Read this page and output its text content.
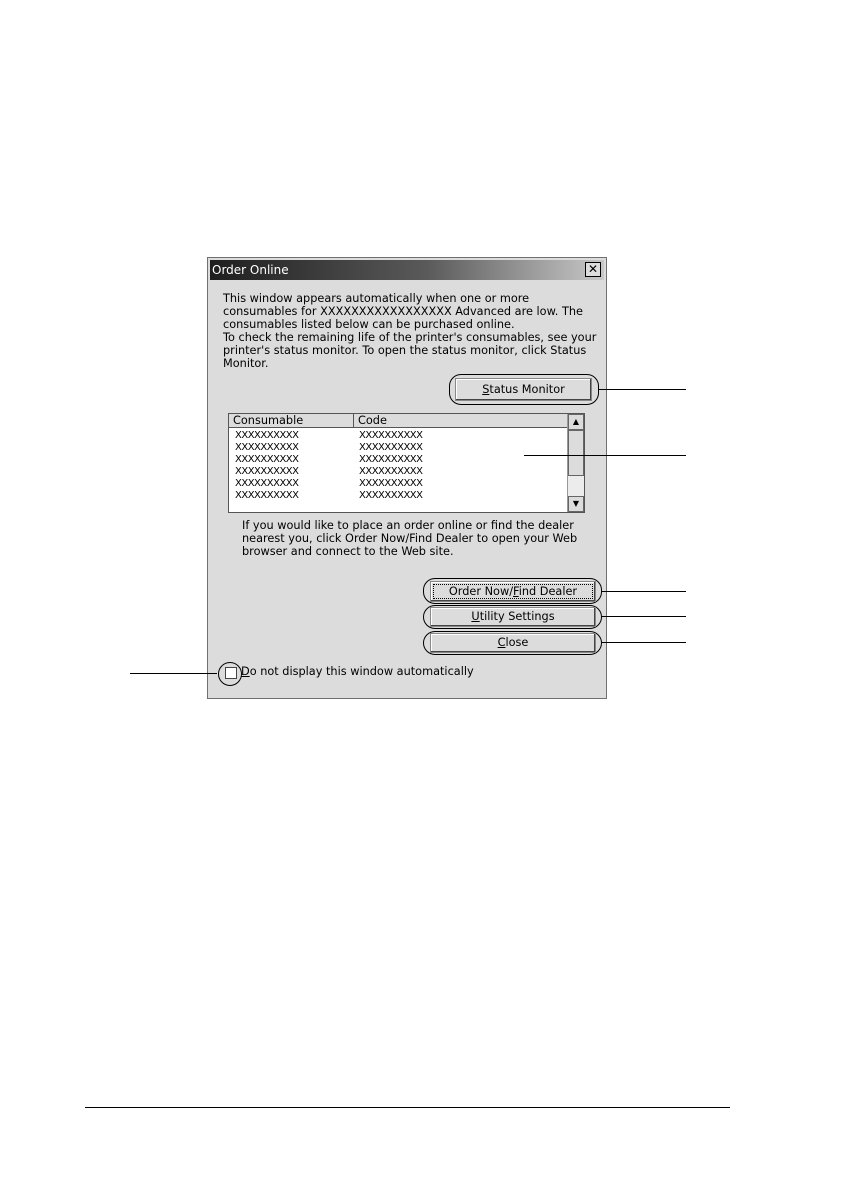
Order Online	✕
This window appears automatically when one or more
consumables for XXXXXXXXXXXXXXXXX Advanced are low. The
consumables listed below can be purchased online.
To check the remaining life of the printer's consumables, see your
printer's status monitor. To open the status monitor, click Status
Monitor.
Status Monitor
Consumable	Code
XXXXXXXXXX	XXXXXXXXXX
XXXXXXXXXX	XXXXXXXXXX
XXXXXXXXXX	XXXXXXXXXX
XXXXXXXXXX	XXXXXXXXXX
XXXXXXXXXX	XXXXXXXXXX
XXXXXXXXXX	XXXXXXXXXX
▲
▼
If you would like to place an order online or find the dealer
nearest you, click Order Now/Find Dealer to open your Web
browser and connect to the Web site.
Order Now/Find Dealer
Utility Settings
Close
Do not display this window automatically
